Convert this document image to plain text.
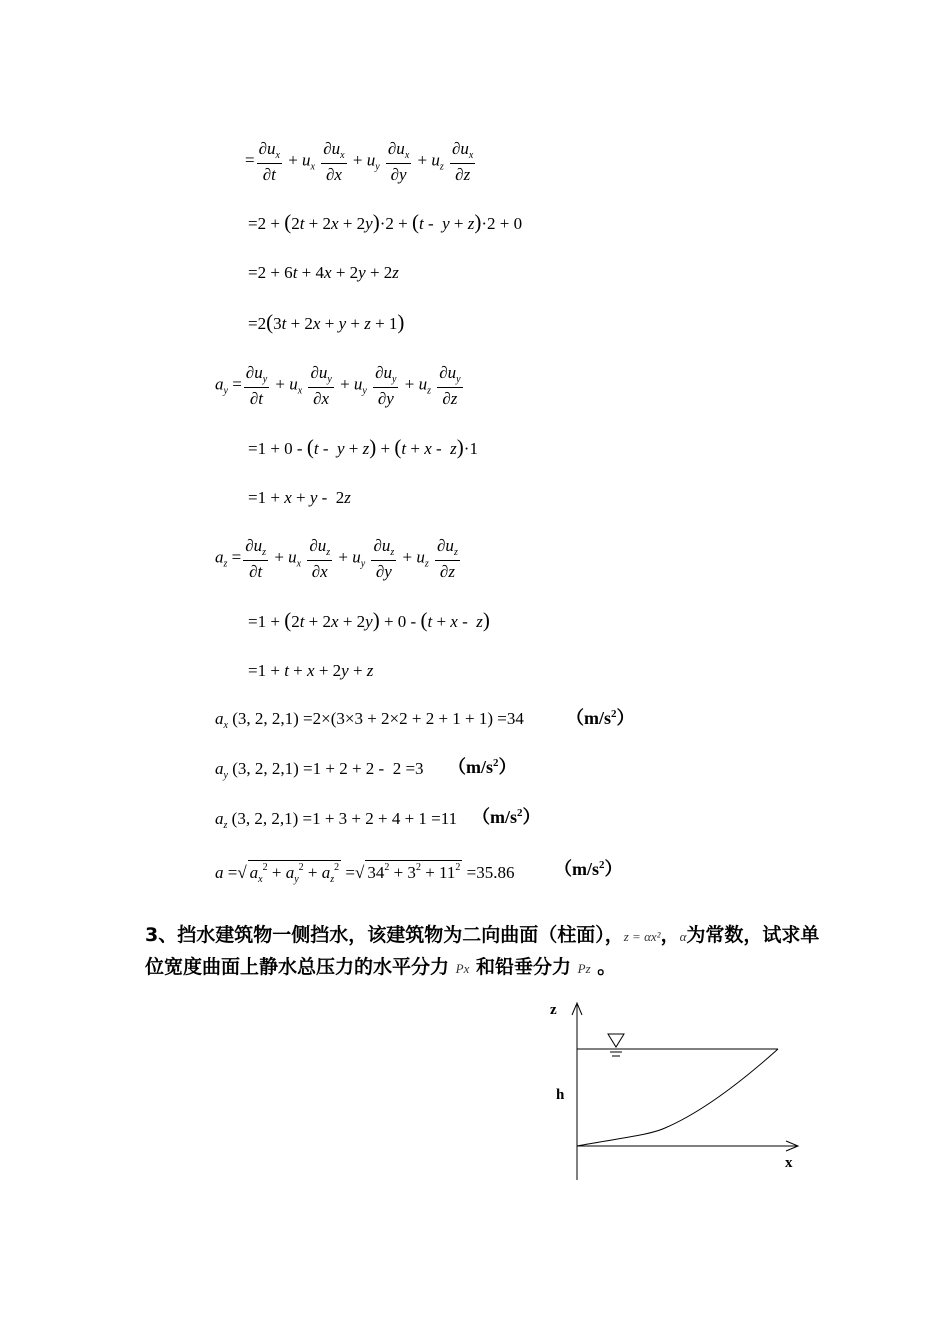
= $\frac{\partial u_x}{\partial t} + u_x \frac{\partial u_x}{\partial x} + u_y \frac{\partial u_x}{\partial y} + u_z \frac{\partial u_x}{\partial z}$
=2 + (2t + 2x + 2y)·2 + (t -  y + z)·2 + 0
=2 + 6t + 4x + 2y + 2z
=2(3t + 2x + y + z + 1)
$a_y = \frac{\partial u_y}{\partial t} + u_x \frac{\partial u_y}{\partial x} + u_y \frac{\partial u_y}{\partial y} + u_z \frac{\partial u_y}{\partial z}$
=1 + 0 - (t -  y + z) + (t + x -  z)·1
=1 + x + y -  2z
$a_z = \frac{\partial u_z}{\partial t} + u_x \frac{\partial u_z}{\partial x} + u_y \frac{\partial u_z}{\partial y} + u_z \frac{\partial u_z}{\partial z}$
=1 + (2t + 2x + 2y) + 0 - (t + x -  z)
=1 + t + x + 2y + z
$a_x$ (3, 2, 2,1) =2×(3×3 + 2×2 + 2 + 1 + 1) =34 $(m/s^2)$
$a_y$ (3, 2, 2,1) =1 + 2 + 2 -  2 =3 $(m/s^2)$
$a_z$ (3, 2, 2,1) =1 + 3 + 2 + 4 + 1 =11 $(m/s^2)$
a =√ $a_x^2 + a_y^2 + a_z^2$ =√ $34^2 + 3^2 + 11^2 =35.86$ $(m/s^2)$
3、挡水建筑物一侧挡水，该建筑物为二向曲面（柱面），z = αx²，α为常数，试求单位宽度曲面上静水总压力的水平分力 Px 和铅垂分力 Pz 。
z
h
x
